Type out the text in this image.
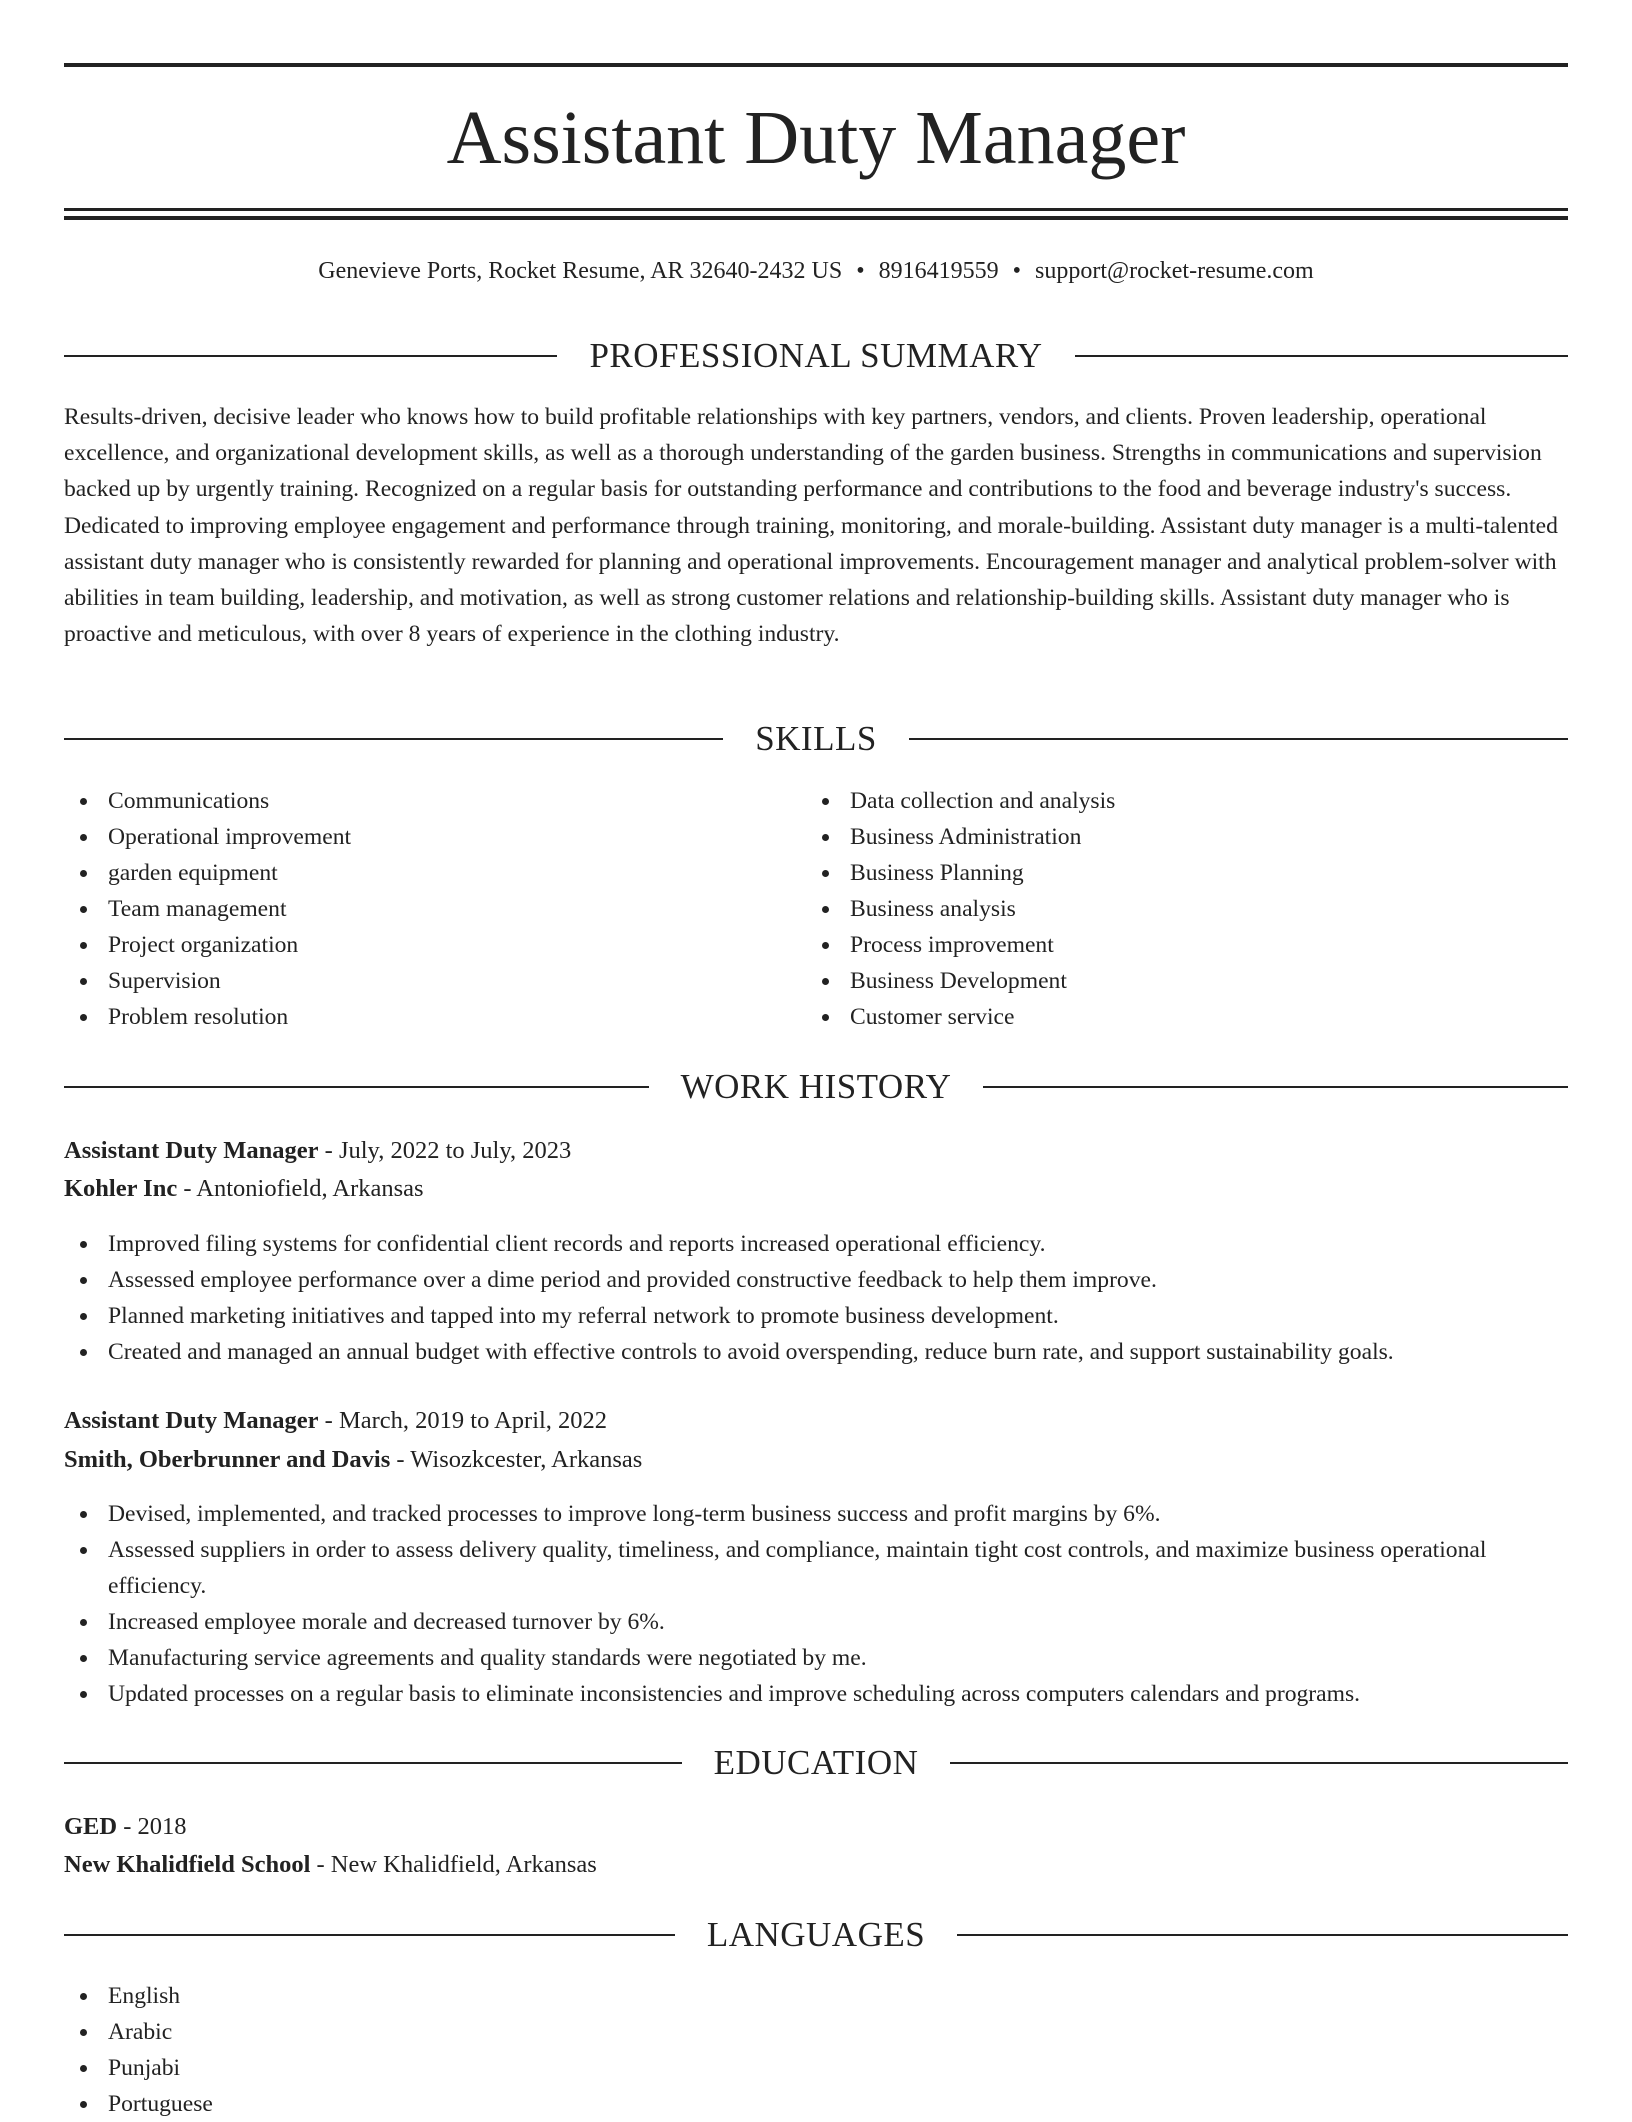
Assistant Duty Manager
Genevieve Ports, Rocket Resume, AR 32640-2432 US • 8916419559 • support@rocket-resume.com
PROFESSIONAL SUMMARY

Results-driven, decisive leader who knows how to build profitable relationships with key partners, vendors, and clients. Proven leadership, operational excellence, and organizational development skills, as well as a thorough understanding of the garden business. Strengths in communications and supervision backed up by urgently training. Recognized on a regular basis for outstanding performance and contributions to the food and beverage industry's success. Dedicated to improving employee engagement and performance through training, monitoring, and morale-building. Assistant duty manager is a multi-talented assistant duty manager who is consistently rewarded for planning and operational improvements. Encouragement manager and analytical problem-solver with abilities in team building, leadership, and motivation, as well as strong customer relations and relationship-building skills. Assistant duty manager who is proactive and meticulous, with over 8 years of experience in the clothing industry.

SKILLS
Communications
Operational improvement
garden equipment
Team management
Project organization
Supervision
Problem resolution
Data collection and analysis
Business Administration
Business Planning
Business analysis
Process improvement
Business Development
Customer service
WORK HISTORY
Assistant Duty Manager - July, 2022 to July, 2023
Kohler Inc - Antoniofield, Arkansas
Improved filing systems for confidential client records and reports increased operational efficiency.
Assessed employee performance over a dime period and provided constructive feedback to help them improve.
Planned marketing initiatives and tapped into my referral network to promote business development.
Created and managed an annual budget with effective controls to avoid overspending, reduce burn rate, and support sustainability goals.
Assistant Duty Manager - March, 2019 to April, 2022
Smith, Oberbrunner and Davis - Wisozkcester, Arkansas
Devised, implemented, and tracked processes to improve long-term business success and profit margins by 6%.
Assessed suppliers in order to assess delivery quality, timeliness, and compliance, maintain tight cost controls, and maximize business operational efficiency.
Increased employee morale and decreased turnover by 6%.
Manufacturing service agreements and quality standards were negotiated by me.
Updated processes on a regular basis to eliminate inconsistencies and improve scheduling across computers calendars and programs.
EDUCATION
GED - 2018
New Khalidfield School - New Khalidfield, Arkansas
LANGUAGES
English
Arabic
Punjabi
Portuguese
